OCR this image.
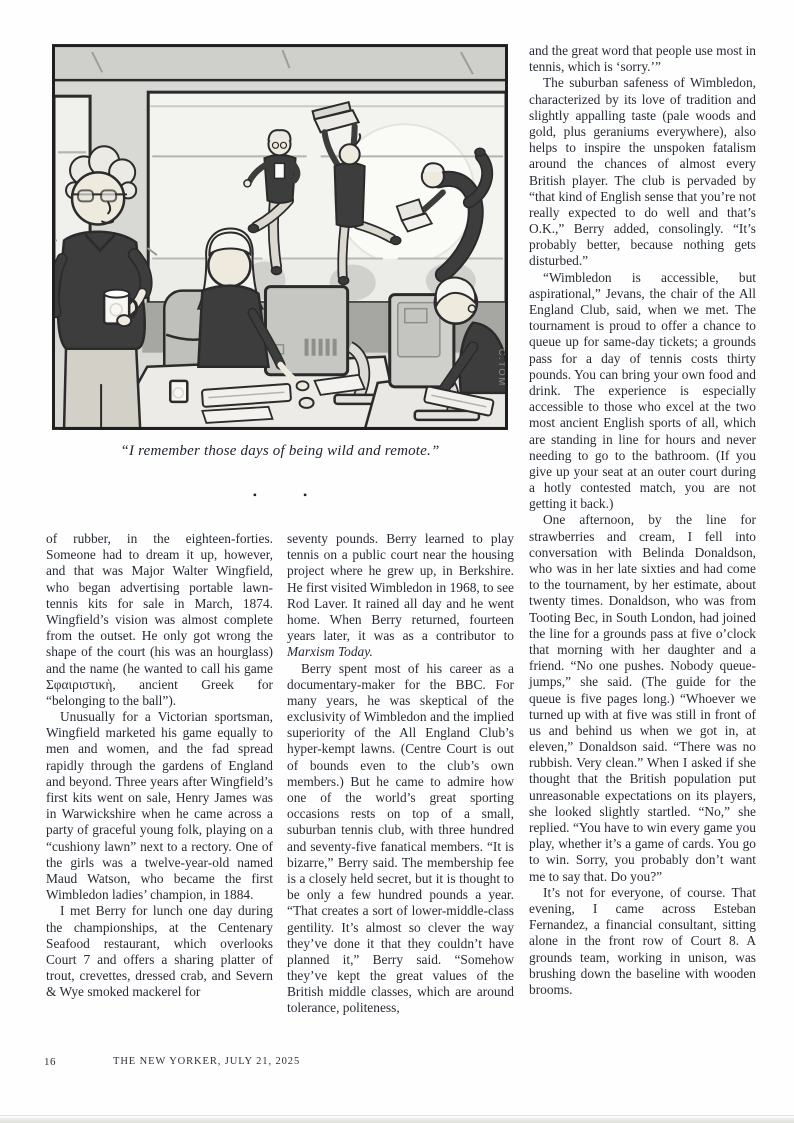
C.TOM
“I remember those days of being wild and remote.”
•	•

of rubber, in the eighteen-forties. Someone had to dream it up, however, and that was Major Walter Wingfield, who began advertising portable lawn-tennis kits for sale in March, 1874. Wingfield’s vision was almost complete from the outset. He only got wrong the shape of the court (his was an hourglass) and the name (he wanted to call his game Σφαιριστικὴ, ancient Greek for “belonging to the ball”).

Unusually for a Victorian sportsman, Wingfield marketed his game equally to men and women, and the fad spread rapidly through the gardens of England and beyond. Three years after Wingfield’s first kits went on sale, Henry James was in Warwickshire when he came across a party of graceful young folk, playing on a “cushiony lawn” next to a rectory. One of the girls was a twelve-year-old named Maud Watson, who became the first Wimbledon ladies’ champion, in 1884.

I met Berry for lunch one day during the championships, at the Centenary Seafood restaurant, which overlooks Court 7 and offers a sharing platter of trout, crevettes, dressed crab, and Severn & Wye smoked mackerel for

seventy pounds. Berry learned to play tennis on a public court near the housing project where he grew up, in Berkshire. He first visited Wimbledon in 1968, to see Rod Laver. It rained all day and he went home. When Berry returned, fourteen years later, it was as a contributor to Marxism Today.

Berry spent most of his career as a documentary-maker for the BBC. For many years, he was skeptical of the exclusivity of Wimbledon and the implied superiority of the All England Club’s hyper-kempt lawns. (Centre Court is out of bounds even to the club’s own members.) But he came to admire how one of the world’s great sporting occasions rests on top of a small, suburban tennis club, with three hundred and seventy-five fanatical members. “It is bizarre,” Berry said. The membership fee is a closely held secret, but it is thought to be only a few hundred pounds a year. “That creates a sort of lower-middle-class gentility. It’s almost so clever the way they’ve done it that they couldn’t have planned it,” Berry said. “Somehow they’ve kept the great values of the British middle classes, which are around tolerance, politeness,

and the great word that people use most in tennis, which is ‘sorry.’”

The suburban safeness of Wimbledon, characterized by its love of tradition and slightly appalling taste (pale woods and gold, plus geraniums everywhere), also helps to inspire the unspoken fatalism around the chances of almost every British player. The club is pervaded by “that kind of English sense that you’re not really expected to do well and that’s O.K.,” Berry added, consolingly. “It’s probably better, because nothing gets disturbed.”

“Wimbledon is accessible, but aspirational,” Jevans, the chair of the All England Club, said, when we met. The tournament is proud to offer a chance to queue up for same-day tickets; a grounds pass for a day of tennis costs thirty pounds. You can bring your own food and drink. The experience is especially accessible to those who excel at the two most ancient English sports of all, which are standing in line for hours and never needing to go to the bathroom. (If you give up your seat at an outer court during a hotly contested match, you are not getting it back.)

One afternoon, by the line for strawberries and cream, I fell into conversation with Belinda Donaldson, who was in her late sixties and had come to the tournament, by her estimate, about twenty times. Donaldson, who was from Tooting Bec, in South London, had joined the line for a grounds pass at five o’clock that morning with her daughter and a friend. “No one pushes. Nobody queue-jumps,” she said. (The guide for the queue is five pages long.) “Whoever we turned up with at five was still in front of us and behind us when we got in, at eleven,” Donaldson said. “There was no rubbish. Very clean.” When I asked if she thought that the British population put unreasonable expectations on its players, she looked slightly startled. “No,” she replied. “You have to win every game you play, whether it’s a game of cards. You go to win. Sorry, you probably don’t want me to say that. Do you?”

It’s not for everyone, of course. That evening, I came across Esteban Fernandez, a financial consultant, sitting alone in the front row of Court 8. A grounds team, working in unison, was brushing down the baseline with wooden brooms.

16	THE NEW YORKER, JULY 21, 2025
